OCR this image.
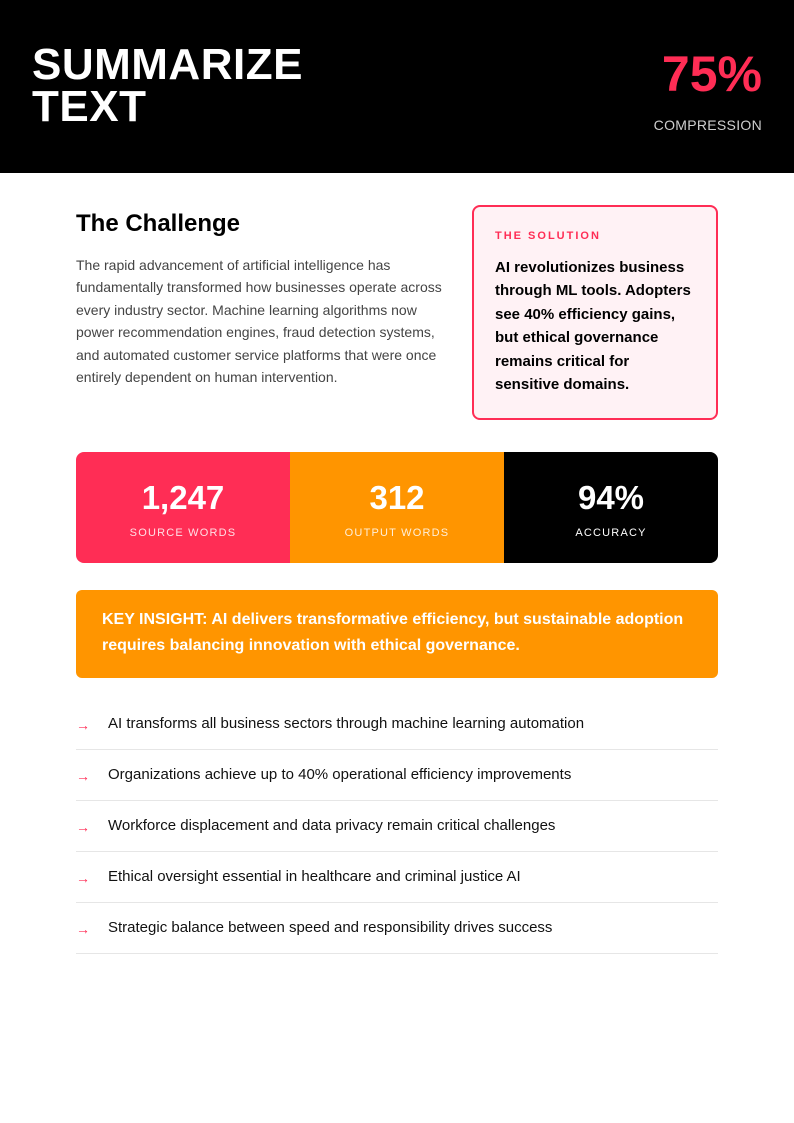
SUMMARIZE
TEXT
75%
COMPRESSION
The Challenge

The rapid advancement of artificial intelligence has fundamentally transformed how businesses operate across every industry sector. Machine learning algorithms now power recommendation engines, fraud detection systems, and automated customer service platforms that were once entirely dependent on human intervention.

THE SOLUTION
AI revolutionizes business through ML tools. Adopters see 40% efficiency gains, but ethical governance remains critical for sensitive domains.
1,247
SOURCE WORDS
312
OUTPUT WORDS
94%
ACCURACY
KEY INSIGHT: AI delivers transformative efficiency, but sustainable adoption requires balancing innovation with ethical governance.
→	AI transforms all business sectors through machine learning automation
→	Organizations achieve up to 40% operational efficiency improvements
→	Workforce displacement and data privacy remain critical challenges
→	Ethical oversight essential in healthcare and criminal justice AI
→	Strategic balance between speed and responsibility drives success
